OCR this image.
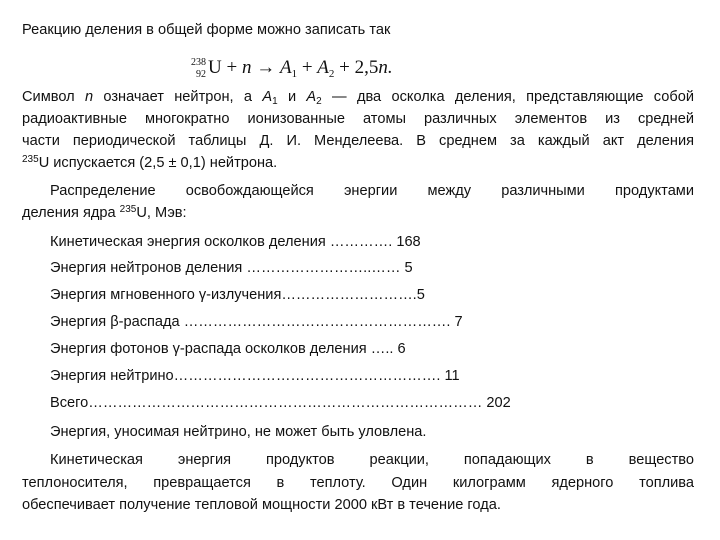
Реакцию деления в общей форме можно записать так
238
92 $U + n \to A_1 + A_2 + 2,5n$.
Символ n означает нейтрон, а $A_1$ и $A_2$ — два осколка деления, представляющие собой
радиоактивные многократно ионизованные атомы различных элементов из средней
части периодической таблицы Д. И. Менделеева. В среднем за каждый акт деления
$^{235}$U испускается (2,5 ± 0,1) нейтрона.
Распределение освобождающейся энергии между различными продуктами
деления ядра $^{235}$U, Мэв:
Кинетическая энергия осколков деления …………. 168
Энергия нейтронов деления ……………………..…… 5
Энергия мгновенного γ-излучения……………………….5
Энергия β-распада ………………………………………………. 7
Энергия фотонов γ-распада осколков деления ….. 6
Энергия нейтрино………………………………………………. 11
Всего……………………………………………………………………… 202
Энергия, уносимая нейтрино, не может быть уловлена.
Кинетическая энергия продуктов реакции, попадающих в вещество
теплоносителя, превращается в теплоту. Один килограмм ядерного топлива
обеспечивает получение тепловой мощности 2000 кВт в течение года.
